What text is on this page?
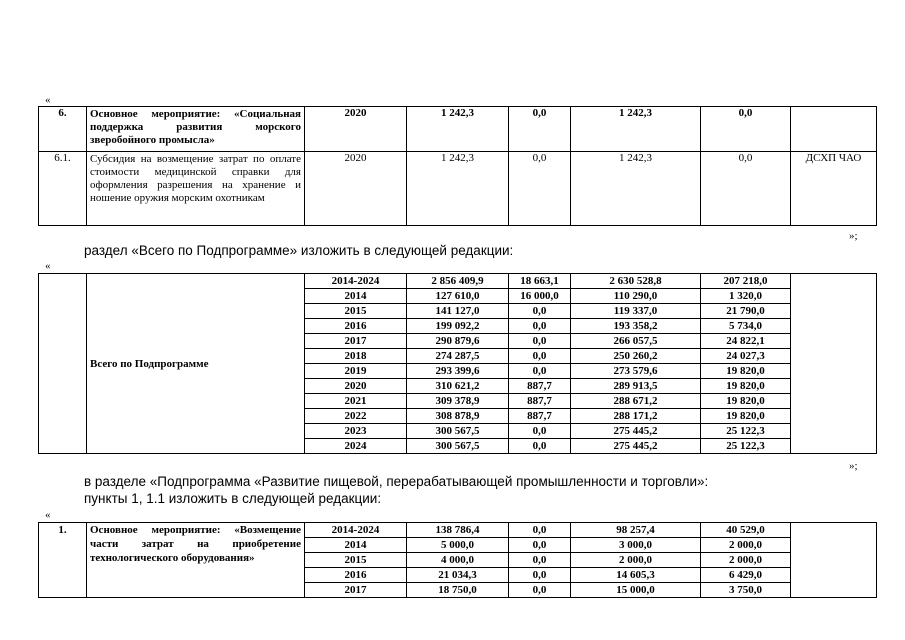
«
6.	Основное мероприятие: «Социальная поддержка развития морского зверобойного промысла»	2020	1 242,3	0,0	1 242,3	0,0	
6.1.	Субсидия на возмещение затрат по оплате стоимости медицинской справки для оформления разрешения на хранение и ношение оружия морским охотникам	2020	1 242,3	0,0	1 242,3	0,0	ДСХП ЧАО
»;
раздел «Всего по Подпрограмме» изложить в следующей редакции:
«
	Всего по Подпрограмме	2014-2024	2 856 409,9	18 663,1	2 630 528,8	207 218,0	
		2014	127 610,0	16 000,0	110 290,0	1 320,0	
		2015	141 127,0	0,0	119 337,0	21 790,0	
		2016	199 092,2	0,0	193 358,2	5 734,0	
		2017	290 879,6	0,0	266 057,5	24 822,1	
		2018	274 287,5	0,0	250 260,2	24 027,3	
		2019	293 399,6	0,0	273 579,6	19 820,0	
		2020	310 621,2	887,7	289 913,5	19 820,0	
		2021	309 378,9	887,7	288 671,2	19 820,0	
		2022	308 878,9	887,7	288 171,2	19 820,0	
		2023	300 567,5	0,0	275 445,2	25 122,3	
		2024	300 567,5	0,0	275 445,2	25 122,3	
»;
в разделе «Подпрограмма «Развитие пищевой, перерабатывающей промышленности и торговли»:
пункты 1, 1.1 изложить в следующей редакции:
«
1.	Основное мероприятие: «Возмещение части затрат на приобретение технологического оборудования»	2014-2024	138 786,4	0,0	98 257,4	40 529,0	
		2014	5 000,0	0,0	3 000,0	2 000,0	
		2015	4 000,0	0,0	2 000,0	2 000,0	
		2016	21 034,3	0,0	14 605,3	6 429,0	
		2017	18 750,0	0,0	15 000,0	3 750,0	
